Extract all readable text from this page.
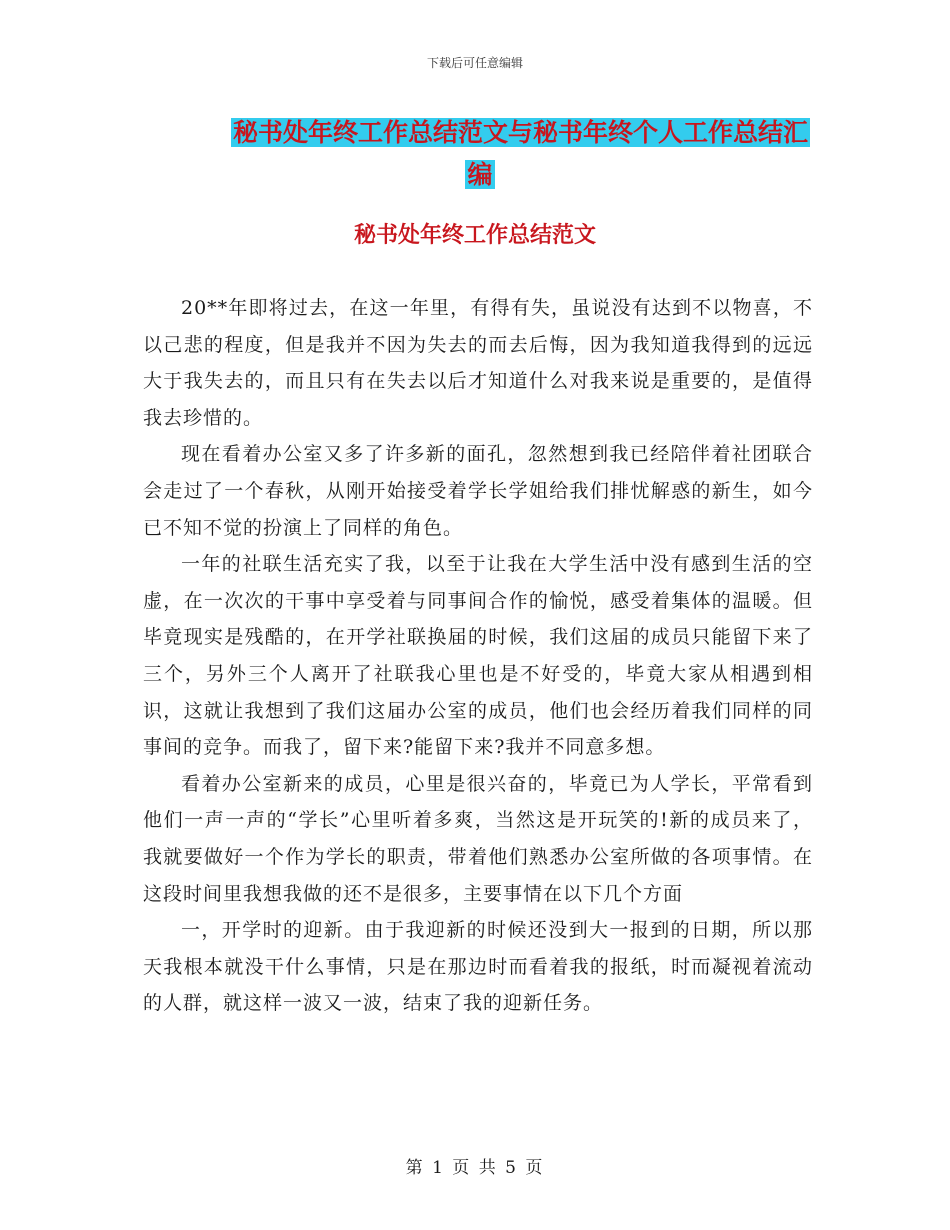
下载后可任意编辑
秘书处年终工作总结范文与秘书年终个人工作总结汇
编
秘书处年终工作总结范文

20**年即将过去，在这一年里，有得有失，虽说没有达到不以物喜，不以己悲的程度，但是我并不因为失去的而去后悔，因为我知道我得到的远远大于我失去的，而且只有在失去以后才知道什么对我来说是重要的，是值得我去珍惜的。

现在看着办公室又多了许多新的面孔，忽然想到我已经陪伴着社团联合会走过了一个春秋，从刚开始接受着学长学姐给我们排忧解惑的新生，如今已不知不觉的扮演上了同样的角色。

一年的社联生活充实了我，以至于让我在大学生活中没有感到生活的空虚，在一次次的干事中享受着与同事间合作的愉悦，感受着集体的温暖。但毕竟现实是残酷的，在开学社联换届的时候，我们这届的成员只能留下来了三个，另外三个人离开了社联我心里也是不好受的，毕竟大家从相遇到相识，这就让我想到了我们这届办公室的成员，他们也会经历着我们同样的同事间的竞争。而我了，留下来?能留下来?我并不同意多想。

看着办公室新来的成员，心里是很兴奋的，毕竟已为人学长，平常看到他们一声一声的“学长”心里听着多爽，当然这是开玩笑的!新的成员来了，我就要做好一个作为学长的职责，带着他们熟悉办公室所做的各项事情。在这段时间里我想我做的还不是很多，主要事情在以下几个方面

一，开学时的迎新。由于我迎新的时候还没到大一报到的日期，所以那天我根本就没干什么事情，只是在那边时而看着我的报纸，时而凝视着流动的人群，就这样一波又一波，结束了我的迎新任务。

第 1 页 共 5 页
